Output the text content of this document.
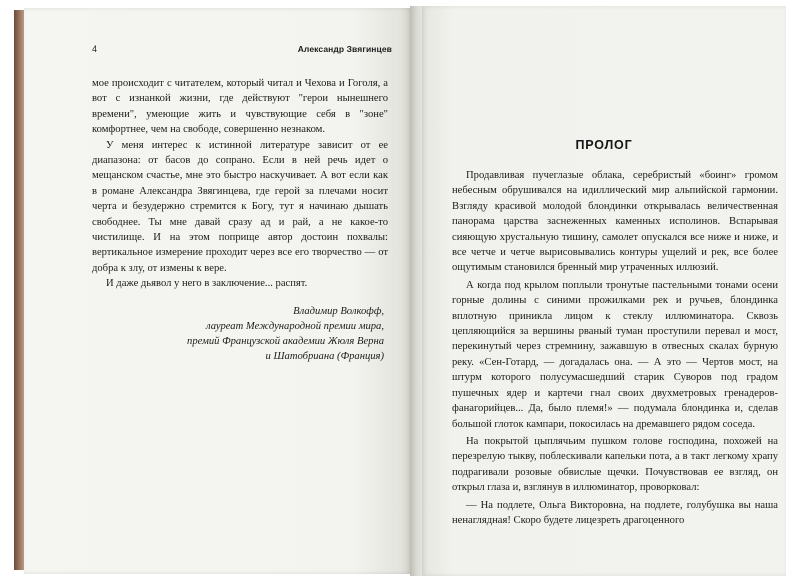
4	Александр Звягинцев

мое происходит с читателем, который читал и Чехова и Гоголя, а вот с изнанкой жизни, где действуют "герои нынешнего времени", умеющие жить и чувствующие себя в "зоне" комфортнее, чем на свободе, совершенно незнаком.

У меня интерес к истинной литературе зависит от ее диапазона: от басов до сопрано. Если в ней речь идет о мещанском счастье, мне это быстро наскучивает. А вот если как в романе Александра Звягинцева, где герой за плечами носит черта и безудержно стремится к Богу, тут я начинаю дышать свободнее. Ты мне давай сразу ад и рай, а не какое-то чистилище. И на этом поприще автор достоин похвалы: вертикальное измерение проходит через все его творчество — от добра к злу, от измены к вере.

И даже дьявол у него в заключение... распят.

Владимир Волкофф,
лауреат Международной премии мира,
премий Французской академии Жюля Верна
и Шатобриана (Франция)
ПРОЛОГ

Продавливая пучеглазые облака, серебристый «боинг» громом небесным обрушивался на идиллический мир альпийской гармонии. Взгляду красивой молодой блондинки открывалась величественная панорама царства заснеженных каменных исполинов. Вспарывая сияющую хрустальную тишину, самолет опускался все ниже и ниже, и все четче и четче вырисовывались контуры ущелий и рек, все более ощутимым становился бренный мир утраченных иллюзий.

А когда под крылом поплыли тронутые пастельными тонами осени горные долины с синими прожилками рек и ручьев, блондинка вплотную приникла лицом к стеклу иллюминатора. Сквозь цепляющийся за вершины рваный туман проступили перевал и мост, перекинутый через стремнину, зажавшую в отвесных скалах бурную реку. «Сен-Готард, — догадалась она. — А это — Чертов мост, на штурм которого полусумасшедший старик Суворов под градом пушечных ядер и картечи гнал своих двухметровых гренадеров-фанагорийцев... Да, было племя!» — подумала блондинка и, сделав большой глоток кампари, покосилась на дремавшего рядом соседа.

На покрытой цыплячьим пушком голове господина, похожей на перезрелую тыкву, поблескивали капельки пота, а в такт легкому храпу подрагивали розовые обвислые щечки. Почувствовав ее взгляд, он открыл глаза и, взглянув в иллюминатор, проворковал:

— На подлете, Ольга Викторовна, на подлете, голубушка вы наша ненаглядная! Скоро будете лицезреть драгоценного
